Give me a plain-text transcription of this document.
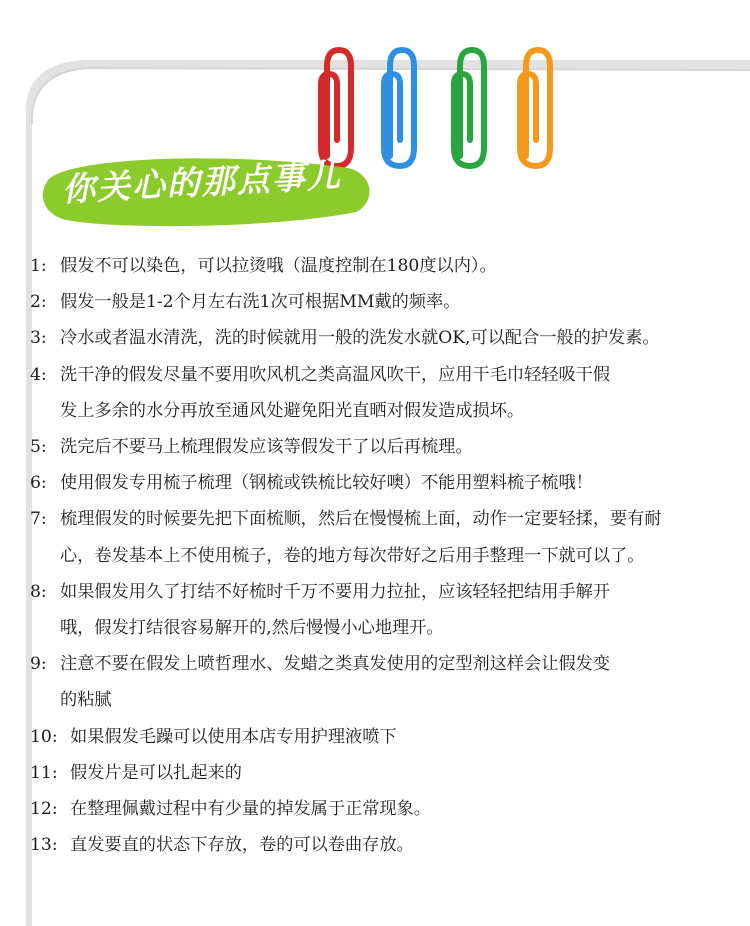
你关心的那点事儿
1: 假发不可以染色，可以拉烫哦（温度控制在180度以内）。
2: 假发一般是1-2个月左右洗1次可根据MM戴的频率。
3: 冷水或者温水清洗，洗的时候就用一般的洗发水就OK,可以配合一般的护发素。
4: 洗干净的假发尽量不要用吹风机之类高温风吹干，应用干毛巾轻轻吸干假
发上多余的水分再放至通风处避免阳光直晒对假发造成损坏。
5: 洗完后不要马上梳理假发应该等假发干了以后再梳理。
6: 使用假发专用梳子梳理（钢梳或铁梳比较好噢）不能用塑料梳子梳哦！
7: 梳理假发的时候要先把下面梳顺，然后在慢慢梳上面，动作一定要轻揉，要有耐
心，卷发基本上不使用梳子，卷的地方每次带好之后用手整理一下就可以了。
8: 如果假发用久了打结不好梳时千万不要用力拉扯，应该轻轻把结用手解开
哦，假发打结很容易解开的,然后慢慢小心地理开。
9: 注意不要在假发上喷哲理水、发蜡之类真发使用的定型剂这样会让假发变
的粘腻
10: 如果假发毛躁可以使用本店专用护理液喷下
11: 假发片是可以扎起来的
12: 在整理佩戴过程中有少量的掉发属于正常现象。
13: 直发要直的状态下存放，卷的可以卷曲存放。
